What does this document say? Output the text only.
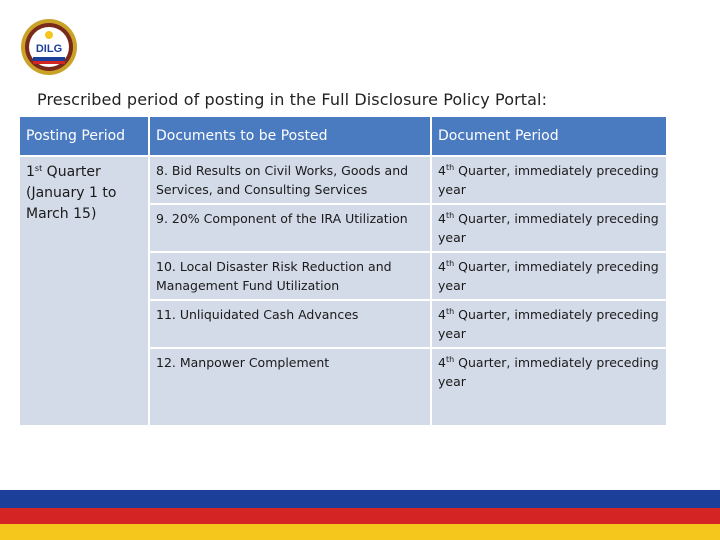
DILG
Prescribed period of posting in the Full Disclosure Policy Portal:
Posting Period	Documents to be Posted	Document Period
1st Quarter (January 1 to March 15)	8. Bid Results on Civil Works, Goods and Services, and Consulting Services	4th Quarter, immediately preceding year
	9. 20% Component of the IRA Utilization	4th Quarter, immediately preceding year
	10. Local Disaster Risk Reduction and Management Fund Utilization	4th Quarter, immediately preceding year
	11. Unliquidated Cash Advances	4th Quarter, immediately preceding year
	12. Manpower Complement	4th Quarter, immediately preceding year
